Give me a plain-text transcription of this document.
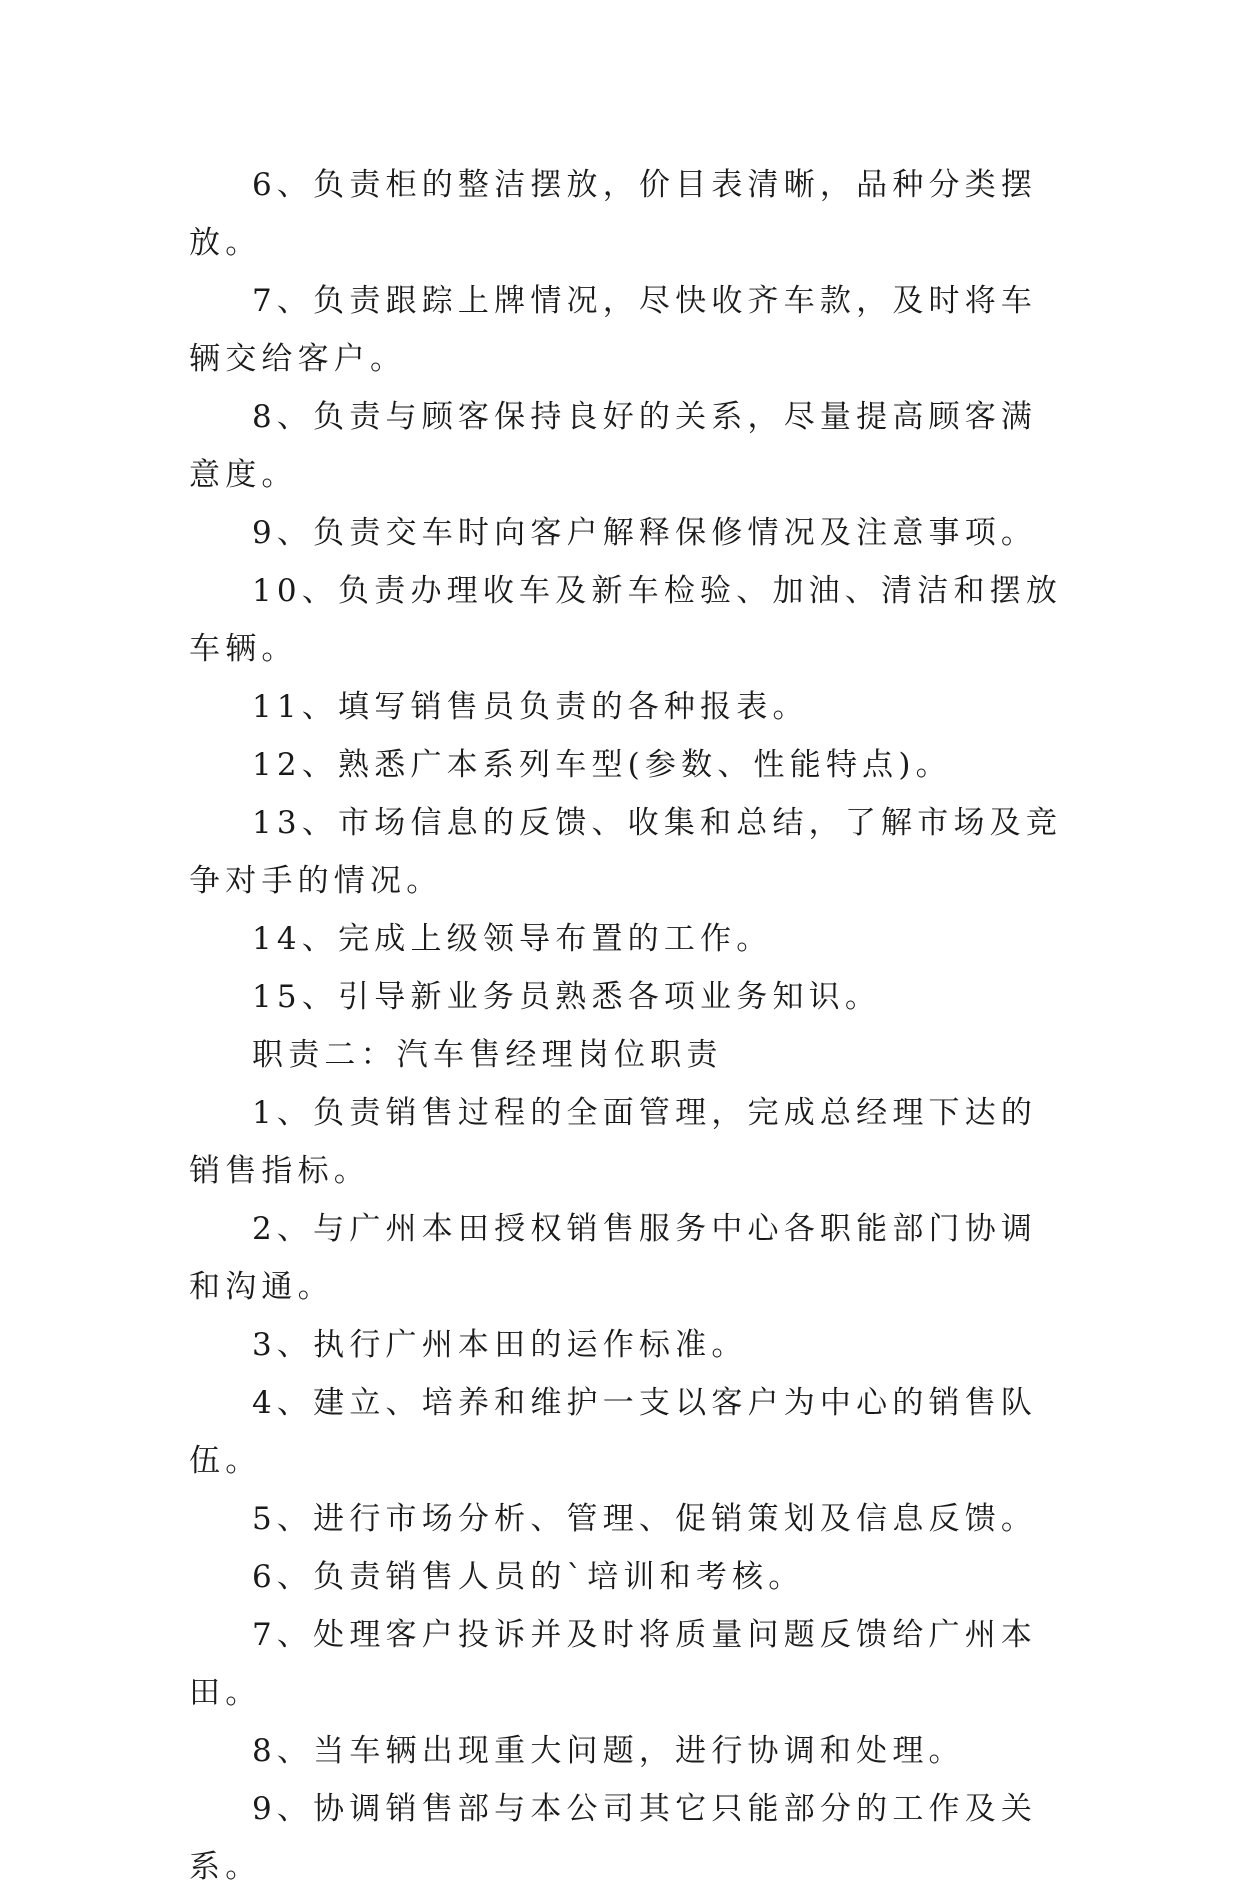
6、负责柜的整洁摆放，价目表清晰，品种分类摆放。

7、负责跟踪上牌情况，尽快收齐车款，及时将车辆交给客户。

8、负责与顾客保持良好的关系，尽量提高顾客满意度。

9、负责交车时向客户解释保修情况及注意事项。

10、负责办理收车及新车检验、加油、清洁和摆放车辆。

11、填写销售员负责的各种报表。

12、熟悉广本系列车型(参数、性能特点)。

13、市场信息的反馈、收集和总结，了解市场及竞争对手的情况。

14、完成上级领导布置的工作。

15、引导新业务员熟悉各项业务知识。

职责二：汽车售经理岗位职责

1、负责销售过程的全面管理，完成总经理下达的销售指标。

2、与广州本田授权销售服务中心各职能部门协调和沟通。

3、执行广州本田的运作标准。

4、建立、培养和维护一支以客户为中心的销售队伍。

5、进行市场分析、管理、促销策划及信息反馈。

6、负责销售人员的`培训和考核。

7、处理客户投诉并及时将质量问题反馈给广州本田。

8、当车辆出现重大问题，进行协调和处理。

9、协调销售部与本公司其它只能部分的工作及关系。
